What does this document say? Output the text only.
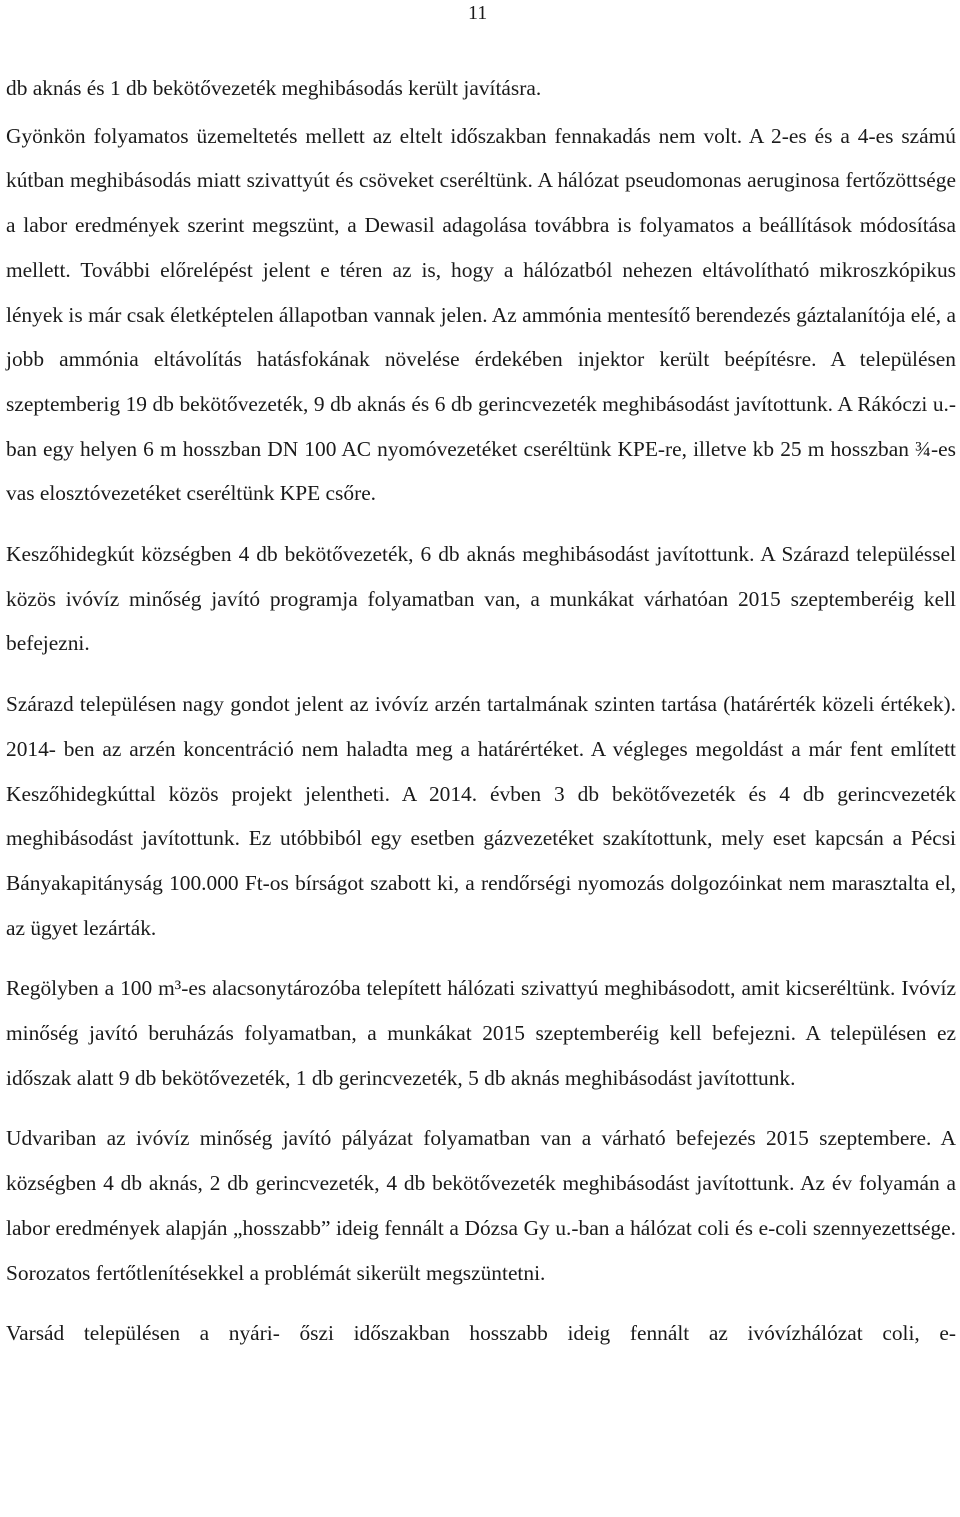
11

db aknás és 1 db bekötővezeték meghibásodás került javításra.

Gyönkön folyamatos üzemeltetés mellett az eltelt időszakban fennakadás nem volt. A 2-es és a 4-es számú kútban meghibásodás miatt szivattyút és csöveket cseréltünk. A hálózat pseudomonas aeruginosa fertőzöttsége a labor eredmények szerint megszünt, a Dewasil adagolása továbbra is folyamatos a beállítások módosítása mellett. További előrelépést jelent e téren az is, hogy a hálózatból nehezen eltávolítható mikroszkópikus lények is már csak életképtelen állapotban vannak jelen. Az ammónia mentesítő berendezés gáztalanítója elé, a jobb ammónia eltávolítás hatásfokának növelése érdekében injektor került beépítésre. A településen szeptemberig 19 db bekötővezeték, 9 db aknás és 6 db gerincvezeték meghibásodást javítottunk. A Rákóczi u.-ban egy helyen 6 m hosszban DN 100 AC nyomóvezetéket cseréltünk KPE-re, illetve kb 25 m hosszban ¾-es vas elosztóvezetéket cseréltünk KPE csőre.

Keszőhidegkút községben 4 db bekötővezeték, 6 db aknás meghibásodást javítottunk. A Szárazd településsel közös ivóvíz minőség javító programja folyamatban van, a munkákat várhatóan 2015 szeptemberéig kell befejezni.

Szárazd településen nagy gondot jelent az ivóvíz arzén tartalmának szinten tartása (határérték közeli értékek). 2014- ben az arzén koncentráció nem haladta meg a határértéket. A végleges megoldást a már fent említett Keszőhidegkúttal közös projekt jelentheti. A 2014. évben 3 db bekötővezeték és 4 db gerincvezeték meghibásodást javítottunk. Ez utóbbiból egy esetben gázvezetéket szakítottunk, mely eset kapcsán a Pécsi Bányakapitányság 100.000 Ft-os bírságot szabott ki, a rendőrségi nyomozás dolgozóinkat nem marasztalta el, az ügyet lezárták.

Regölyben a 100 m³-es alacsonytározóba telepített hálózati szivattyú meghibásodott, amit kicseréltünk. Ivóvíz minőség javító beruházás folyamatban, a munkákat 2015 szeptemberéig kell befejezni. A településen ez időszak alatt 9 db bekötővezeték, 1 db gerincvezeték, 5 db aknás meghibásodást javítottunk.

Udvariban az ivóvíz minőség javító pályázat folyamatban van a várható befejezés 2015 szeptembere. A községben 4 db aknás, 2 db gerincvezeték, 4 db bekötővezeték meghibásodást javítottunk. Az év folyamán a labor eredmények alapján „hosszabb” ideig fennált a Dózsa Gy u.-ban a hálózat coli és e-coli szennyezettsége. Sorozatos fertőtlenítésekkel a problémát sikerült megszüntetni.

Varsád településen a nyári- őszi időszakban hosszabb ideig fennált az ivóvízhálózat coli, e-
